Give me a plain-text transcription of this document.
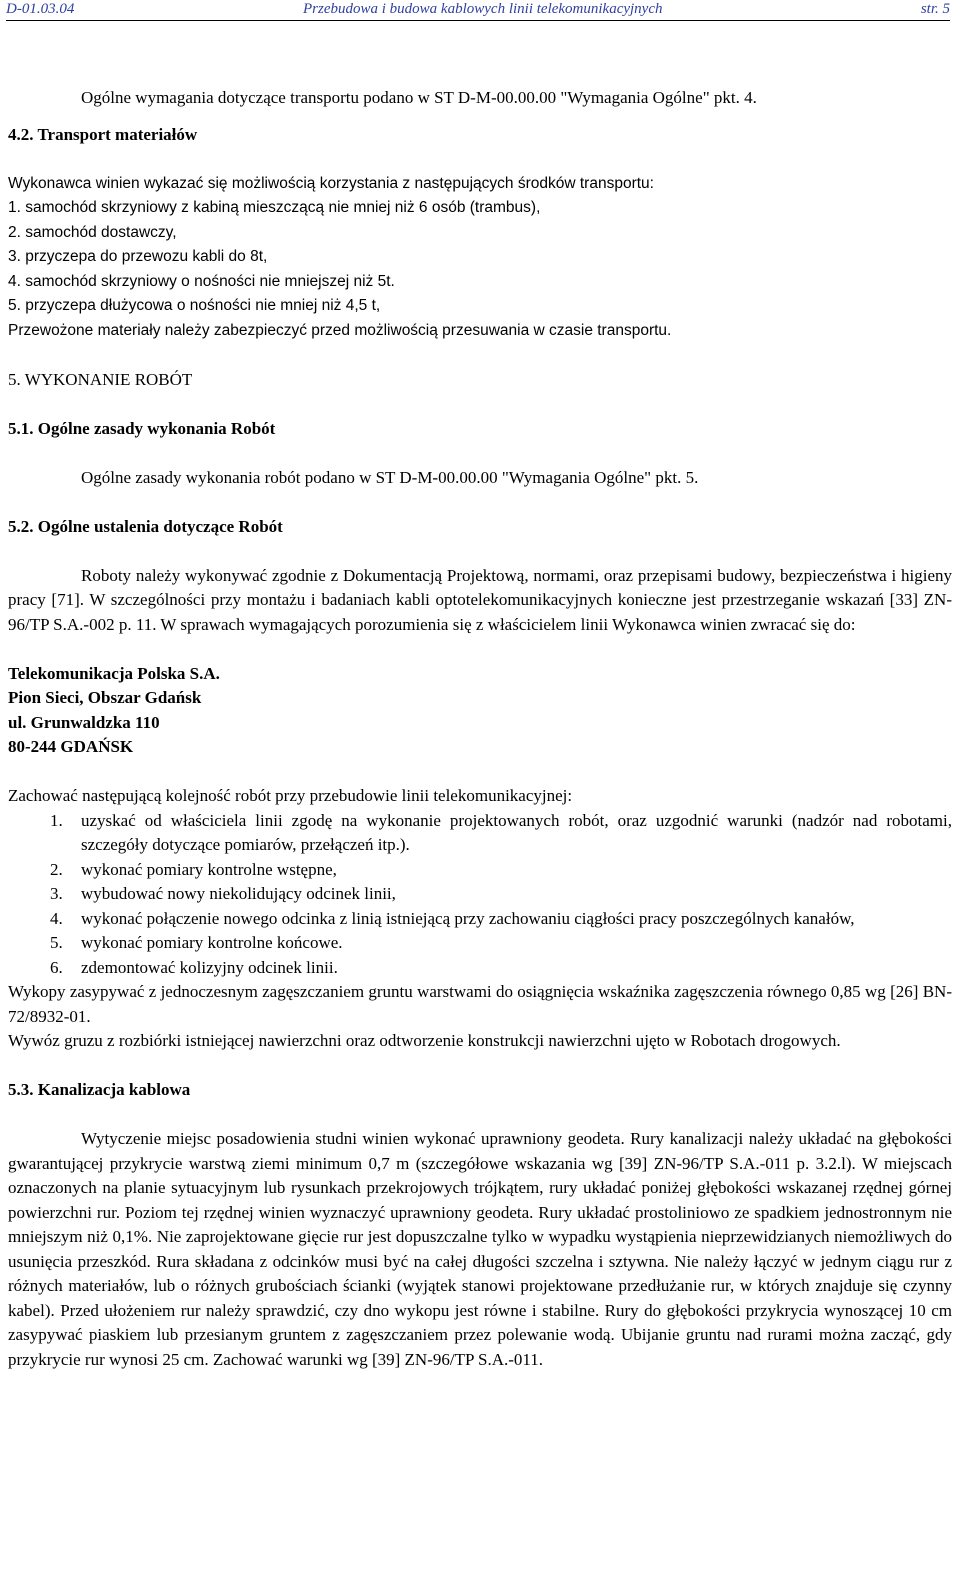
D-01.03.04	Przebudowa i budowa kablowych linii telekomunikacyjnych	str. 5

Ogólne wymagania dotyczące transportu podano w ST D-M-00.00.00 "Wymagania Ogólne" pkt. 4.

4.2. Transport materiałów

Wykonawca winien wykazać się możliwością korzystania z następujących środków transportu:

1. samochód skrzyniowy z kabiną mieszczącą nie mniej niż 6 osób (trambus),

2. samochód dostawczy,

3. przyczepa do przewozu kabli do 8t,

4. samochód skrzyniowy o nośności nie mniejszej niż 5t.

5. przyczepa dłużycowa o nośności nie mniej niż 4,5 t,

Przewożone materiały należy zabezpieczyć przed możliwością przesuwania w czasie transportu.

5. WYKONANIE ROBÓT

5.1. Ogólne zasady wykonania Robót

Ogólne zasady wykonania robót podano w ST D-M-00.00.00 "Wymagania Ogólne" pkt. 5.

5.2. Ogólne ustalenia dotyczące Robót

Roboty należy wykonywać zgodnie z Dokumentacją Projektową, normami, oraz przepisami budowy, bezpieczeństwa i higieny pracy [71]. W szczególności przy montażu i badaniach kabli optotelekomunikacyjnych konieczne jest przestrzeganie wskazań [33] ZN-96/TP S.A.-002 p. 11. W sprawach wymagających porozumienia się z właścicielem linii Wykonawca winien zwracać się do:

Telekomunikacja Polska S.A.

Pion Sieci, Obszar Gdańsk

ul. Grunwaldzka 110

80-244 GDAŃSK

Zachować następującą kolejność robót przy przebudowie linii telekomunikacyjnej:

1. uzyskać od właściciela linii zgodę na wykonanie projektowanych robót, oraz uzgodnić warunki (nadzór nad robotami, szczegóły dotyczące pomiarów, przełączeń itp.).
2. wykonać pomiary kontrolne wstępne,
3. wybudować nowy niekolidujący odcinek linii,
4. wykonać połączenie nowego odcinka z linią istniejącą przy zachowaniu ciągłości pracy poszczególnych kanałów,
5. wykonać pomiary kontrolne końcowe.
6. zdemontować kolizyjny odcinek linii.

Wykopy zasypywać z jednoczesnym zagęszczaniem gruntu warstwami do osiągnięcia wskaźnika zagęszczenia równego 0,85 wg [26] BN-72/8932-01.

Wywóz gruzu z rozbiórki istniejącej nawierzchni oraz odtworzenie konstrukcji nawierzchni ujęto w Robotach drogowych.

5.3. Kanalizacja kablowa

Wytyczenie miejsc posadowienia studni winien wykonać uprawniony geodeta. Rury kanalizacji należy układać na głębokości gwarantującej przykrycie warstwą ziemi minimum 0,7 m (szczegółowe wskazania wg [39] ZN-96/TP S.A.-011 p. 3.2.l). W miejscach oznaczonych na planie sytuacyjnym lub rysunkach przekrojowych trójkątem, rury układać poniżej głębokości wskazanej rzędnej górnej powierzchni rur. Poziom tej rzędnej winien wyznaczyć uprawniony geodeta. Rury układać prostoliniowo ze spadkiem jednostronnym nie mniejszym niż 0,1%. Nie zaprojektowane gięcie rur jest dopuszczalne tylko w wypadku wystąpienia nieprzewidzianych niemożliwych do usunięcia przeszkód. Rura składana z odcinków musi być na całej długości szczelna i sztywna. Nie należy łączyć w jednym ciągu rur z różnych materiałów, lub o różnych grubościach ścianki (wyjątek stanowi projektowane przedłużanie rur, w których znajduje się czynny kabel). Przed ułożeniem rur należy sprawdzić, czy dno wykopu jest równe i stabilne. Rury do głębokości przykrycia wynoszącej 10 cm zasypywać piaskiem lub przesianym gruntem z zagęszczaniem przez polewanie wodą. Ubijanie gruntu nad rurami można zacząć, gdy przykrycie rur wynosi 25 cm. Zachować warunki wg [39] ZN-96/TP S.A.-011.
